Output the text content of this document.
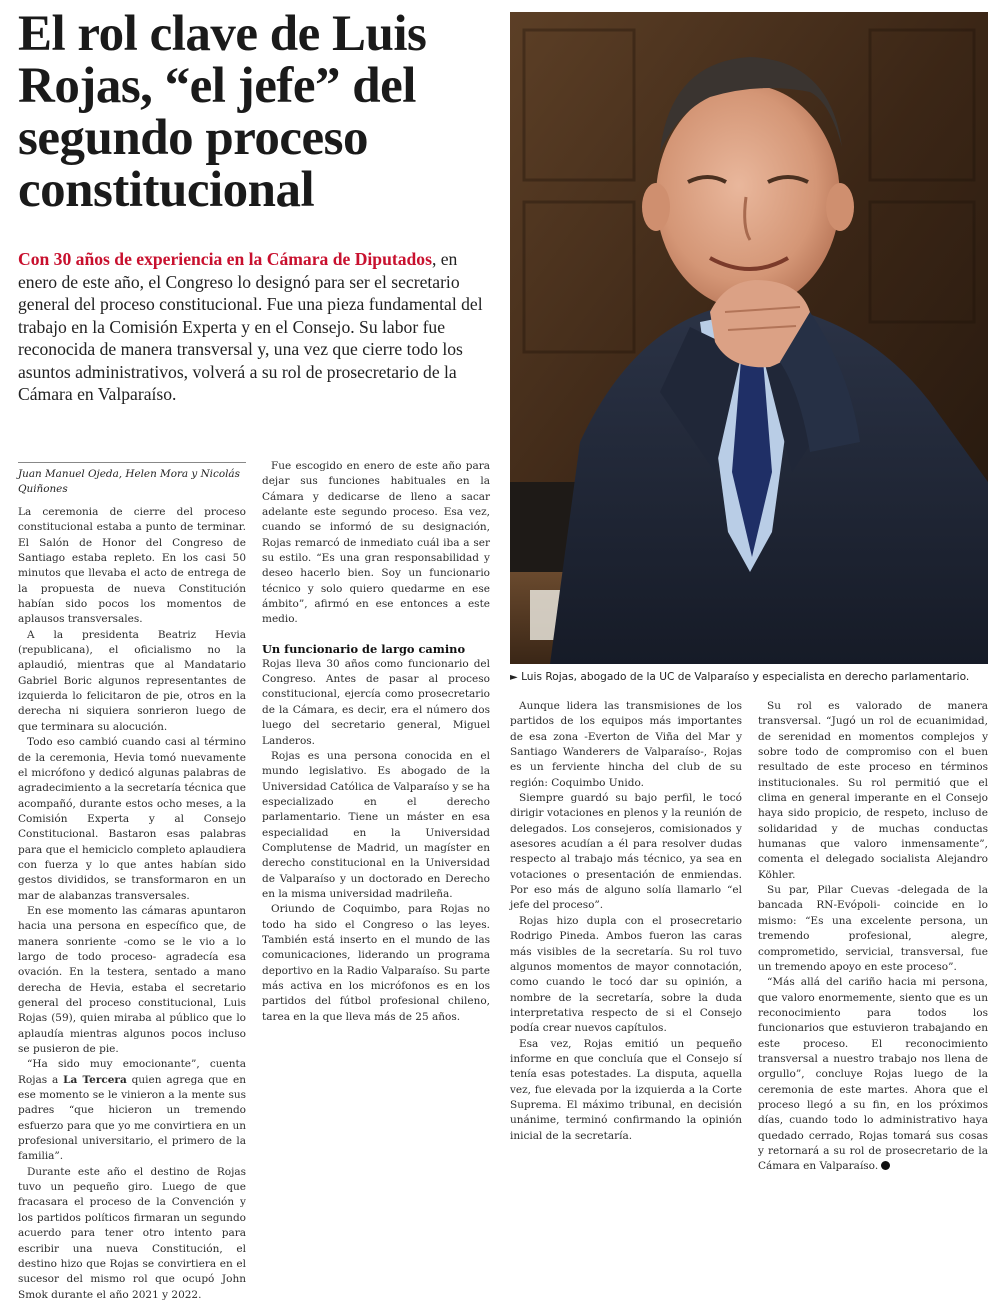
El rol clave de Luis Rojas, “el jefe” del segundo proceso constitucional

Con 30 años de experiencia en la Cámara de Diputados, en enero de este año, el Congreso lo designó para ser el secretario general del proceso constitucional. Fue una pieza fundamental del trabajo en la Comisión Experta y en el Consejo. Su labor fue reconocida de manera transversal y, una vez que cierre todo los asuntos administrativos, volverá a su rol de prosecretario de la Cámara en Valparaíso.

► Luis Rojas, abogado de la UC de Valparaíso y especialista en derecho parlamentario.
Juan Manuel Ojeda, Helen Mora y Nicolás Quiñones

La ceremonia de cierre del proceso constitucional estaba a punto de terminar. El Salón de Honor del Congreso de Santiago estaba repleto. En los casi 50 minutos que llevaba el acto de entrega de la propuesta de nueva Constitución habían sido pocos los momentos de aplausos transversales.

A la presidenta Beatriz Hevia (republicana), el oficialismo no la aplaudió, mientras que al Mandatario Gabriel Boric algunos representantes de izquierda lo felicitaron de pie, otros en la derecha ni siquiera sonrieron luego de que terminara su alocución.

Todo eso cambió cuando casi al término de la ceremonia, Hevia tomó nuevamente el micrófono y dedicó algunas palabras de agradecimiento a la secretaría técnica que acompañó, durante estos ocho meses, a la Comisión Experta y al Consejo Constitucional. Bastaron esas palabras para que el hemiciclo completo aplaudiera con fuerza y lo que antes habían sido gestos divididos, se transformaron en un mar de alabanzas transversales.

En ese momento las cámaras apuntaron hacia una persona en específico que, de manera sonriente -como se le vio a lo largo de todo proceso- agradecía esa ovación. En la testera, sentado a mano derecha de Hevia, estaba el secretario general del proceso constitucional, Luis Rojas (59), quien miraba al público que lo aplaudía mientras algunos pocos incluso se pusieron de pie.

“Ha sido muy emocionante”, cuenta Rojas a La Tercera quien agrega que en ese momento se le vinieron a la mente sus padres “que hicieron un tremendo esfuerzo para que yo me convirtiera en un profesional universitario, el primero de la familia”.

Durante este año el destino de Rojas tuvo un pequeño giro. Luego de que fracasara el proceso de la Convención y los partidos políticos firmaran un segundo acuerdo para tener otro intento para escribir una nueva Constitución, el destino hizo que Rojas se convirtiera en el sucesor del mismo rol que ocupó John Smok durante el año 2021 y 2022.

Fue escogido en enero de este año para dejar sus funciones habituales en la Cámara y dedicarse de lleno a sacar adelante este segundo proceso. Esa vez, cuando se informó de su designación, Rojas remarcó de inmediato cuál iba a ser su estilo. “Es una gran responsabilidad y deseo hacerlo bien. Soy un funcionario técnico y solo quiero quedarme en ese ámbito”, afirmó en ese entonces a este medio.

Un funcionario de largo camino

Rojas lleva 30 años como funcionario del Congreso. Antes de pasar al proceso constitucional, ejercía como prosecretario de la Cámara, es decir, era el número dos luego del secretario general, Miguel Landeros.

Rojas es una persona conocida en el mundo legislativo. Es abogado de la Universidad Católica de Valparaíso y se ha especializado en el derecho parlamentario. Tiene un máster en esa especialidad en la Universidad Complutense de Madrid, un magíster en derecho constitucional en la Universidad de Valparaíso y un doctorado en Derecho en la misma universidad madrileña.

Oriundo de Coquimbo, para Rojas no todo ha sido el Congreso o las leyes. También está inserto en el mundo de las comunicaciones, liderando un programa deportivo en la Radio Valparaíso. Su parte más activa en los micrófonos es en los partidos del fútbol profesional chileno, tarea en la que lleva más de 25 años.

Aunque lidera las transmisiones de los partidos de los equipos más importantes de esa zona -Everton de Viña del Mar y Santiago Wanderers de Valparaíso-, Rojas es un ferviente hincha del club de su región: Coquimbo Unido.

Siempre guardó su bajo perfil, le tocó dirigir votaciones en plenos y la reunión de delegados. Los consejeros, comisionados y asesores acudían a él para resolver dudas respecto al trabajo más técnico, ya sea en votaciones o presentación de enmiendas. Por eso más de alguno solía llamarlo “el jefe del proceso”.

Rojas hizo dupla con el prosecretario Rodrigo Pineda. Ambos fueron las caras más visibles de la secretaría. Su rol tuvo algunos momentos de mayor connotación, como cuando le tocó dar su opinión, a nombre de la secretaría, sobre la duda interpretativa respecto de si el Consejo podía crear nuevos capítulos.

Esa vez, Rojas emitió un pequeño informe en que concluía que el Consejo sí tenía esas potestades. La disputa, aquella vez, fue elevada por la izquierda a la Corte Suprema. El máximo tribunal, en decisión unánime, terminó confirmando la opinión inicial de la secretaría.

Su rol es valorado de manera transversal. “Jugó un rol de ecuanimidad, de serenidad en momentos complejos y sobre todo de compromiso con el buen resultado de este proceso en términos institucionales. Su rol permitió que el clima en general imperante en el Consejo haya sido propicio, de respeto, incluso de solidaridad y de muchas conductas humanas que valoro inmensamente”, comenta el delegado socialista Alejandro Köhler.

Su par, Pilar Cuevas -delegada de la bancada RN-Evópoli- coincide en lo mismo: “Es una excelente persona, un tremendo profesional, alegre, comprometido, servicial, transversal, fue un tremendo apoyo en este proceso”.

“Más allá del cariño hacia mi persona, que valoro enormemente, siento que es un reconocimiento para todos los funcionarios que estuvieron trabajando en este proceso. El reconocimiento transversal a nuestro trabajo nos llena de orgullo”, concluye Rojas luego de la ceremonia de este martes. Ahora que el proceso llegó a su fin, en los próximos días, cuando todo lo administrativo haya quedado cerrado, Rojas tomará sus cosas y retornará a su rol de prosecretario de la Cámara en Valparaíso.
